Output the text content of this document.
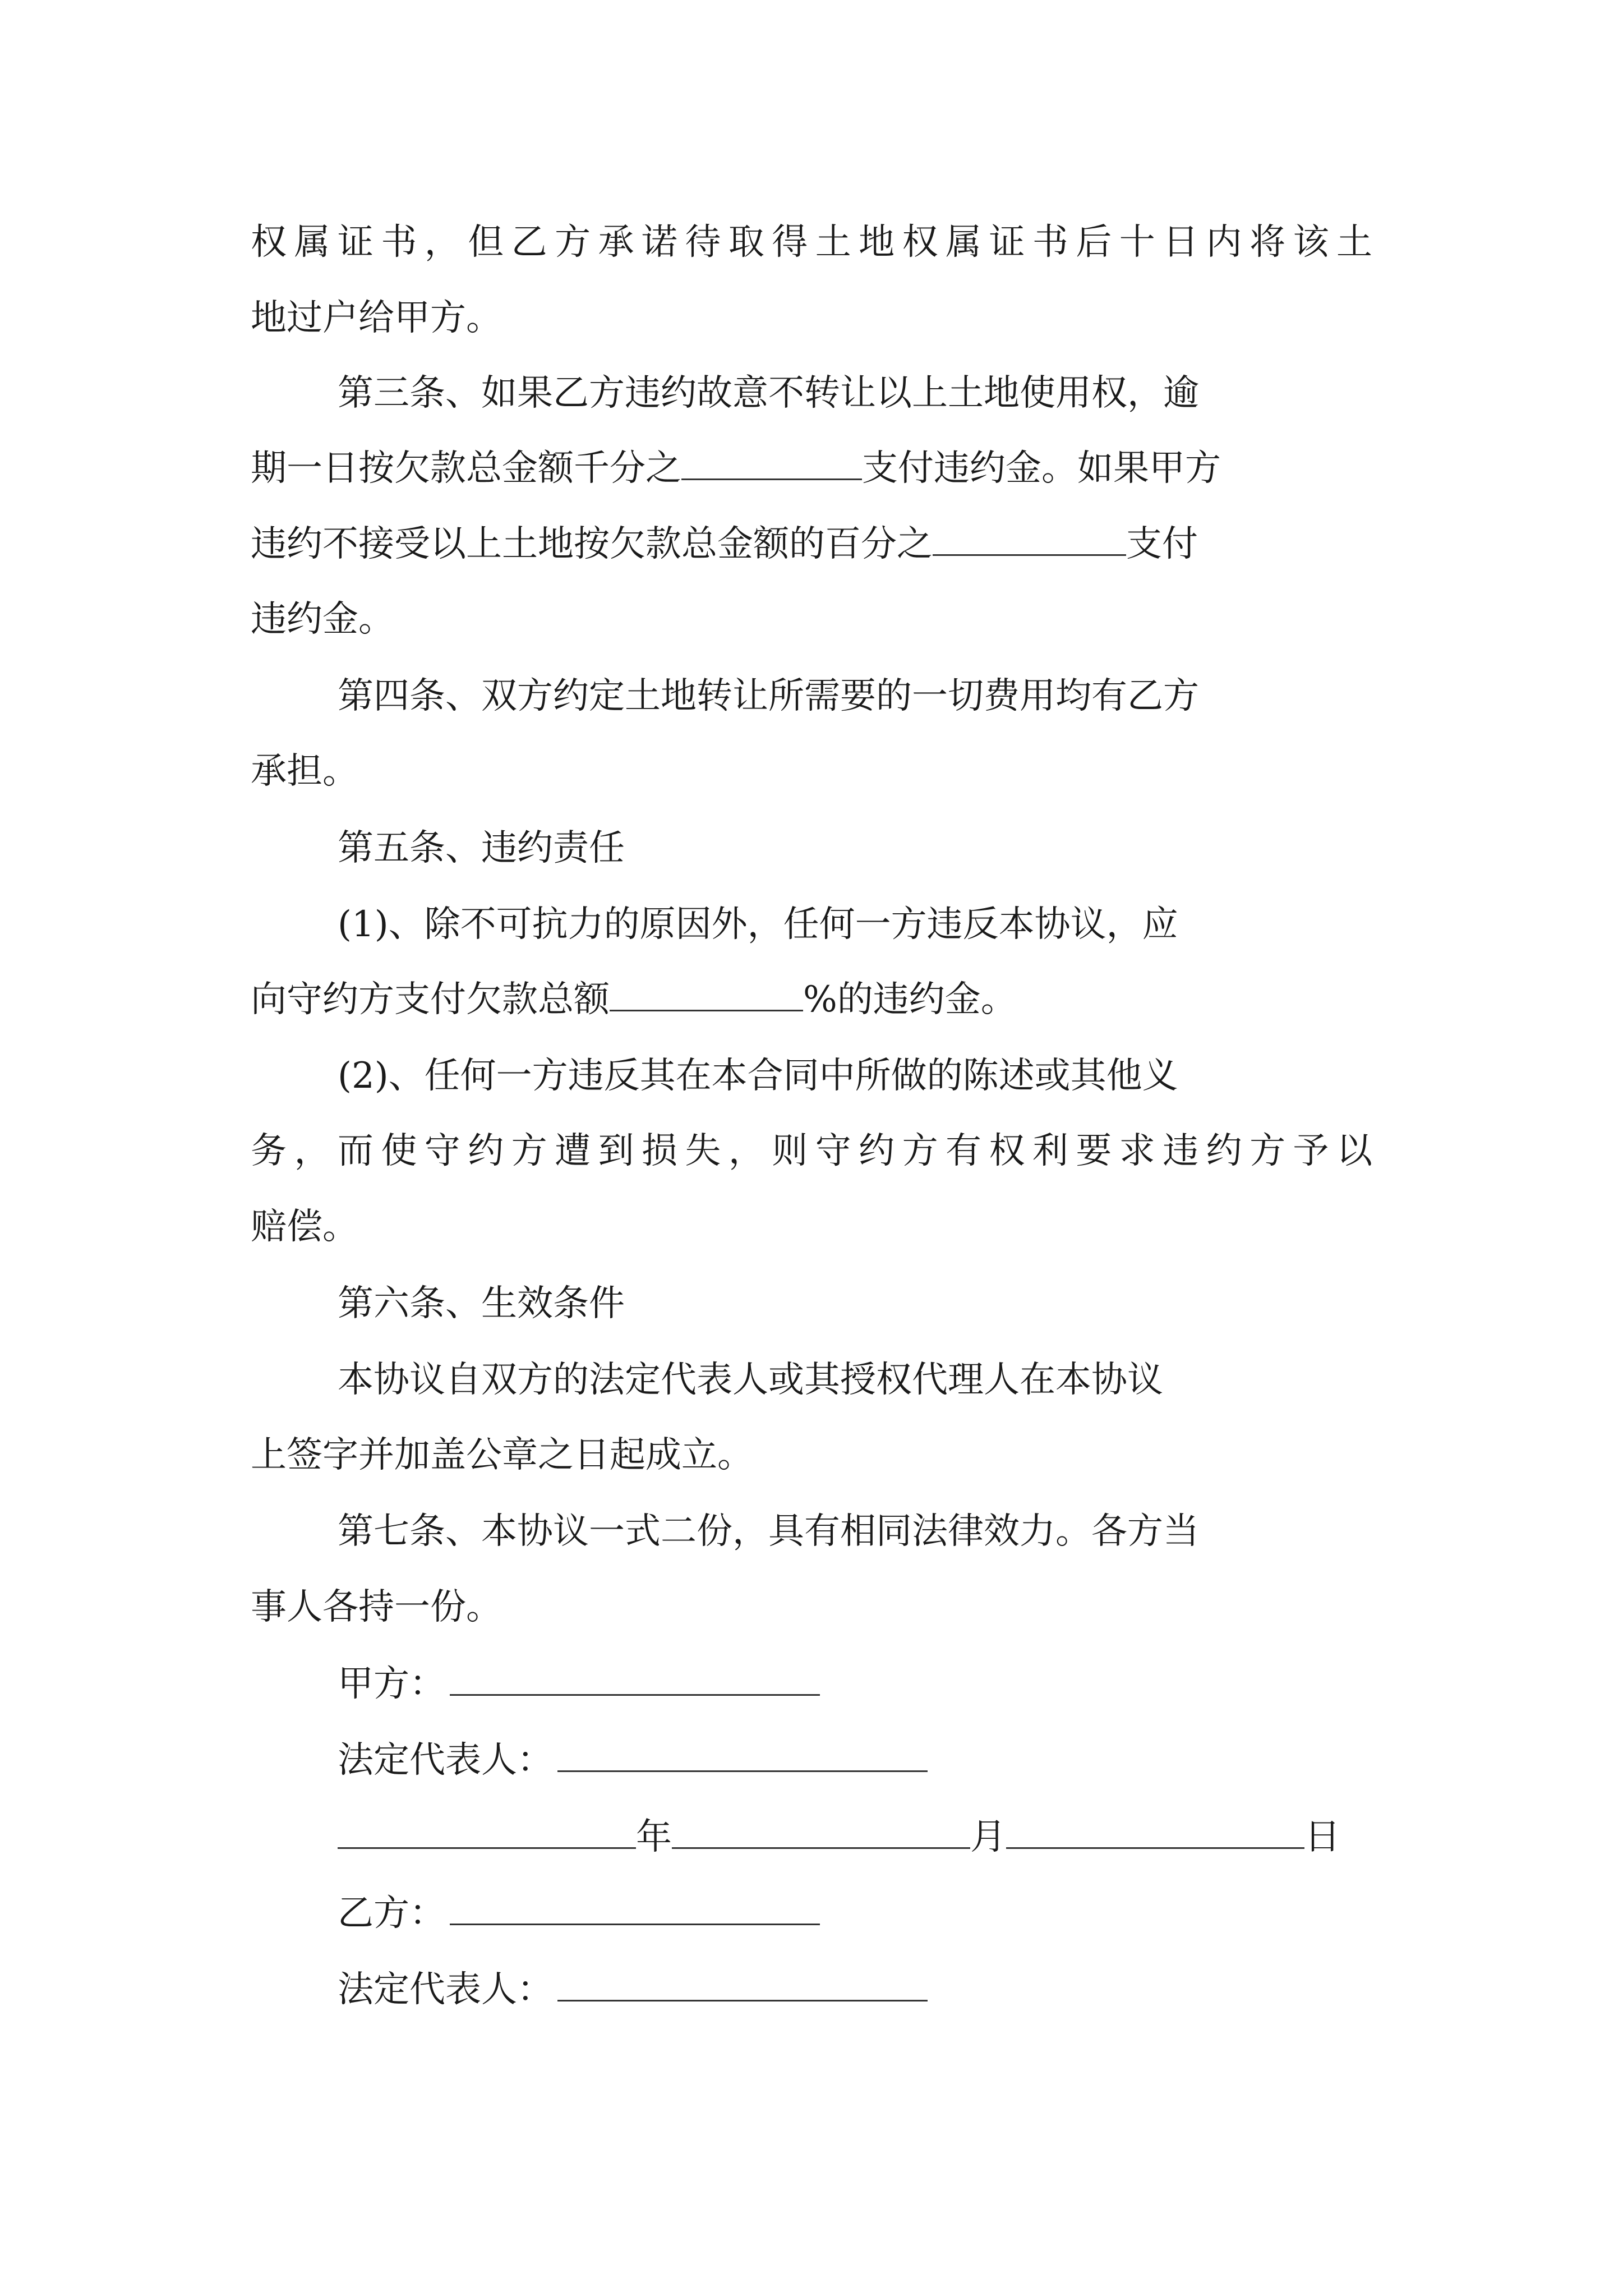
权属证书，但乙方承诺待取得土地权属证书后十日内将该土
地过户给甲方。
第三条、如果乙方违约故意不转让以上土地使用权，逾
期一日按欠款总金额千分之	支付违约金。如果甲方
违约不接受以上土地按欠款总金额的百分之	支付
违约金。
第四条、双方约定土地转让所需要的一切费用均有乙方
承担。
第五条、违约责任
(1)、除不可抗力的原因外，任何一方违反本协议，应
向守约方支付欠款总额	%的违约金。
(2)、任何一方违反其在本合同中所做的陈述或其他义
务，而使守约方遭到损失，则守约方有权利要求违约方予以
赔偿。
第六条、生效条件
本协议自双方的法定代表人或其授权代理人在本协议
上签字并加盖公章之日起成立。
第七条、本协议一式二份，具有相同法律效力。各方当
事人各持一份。
甲方：
法定代表人：
年	月	日
乙方：
法定代表人：
